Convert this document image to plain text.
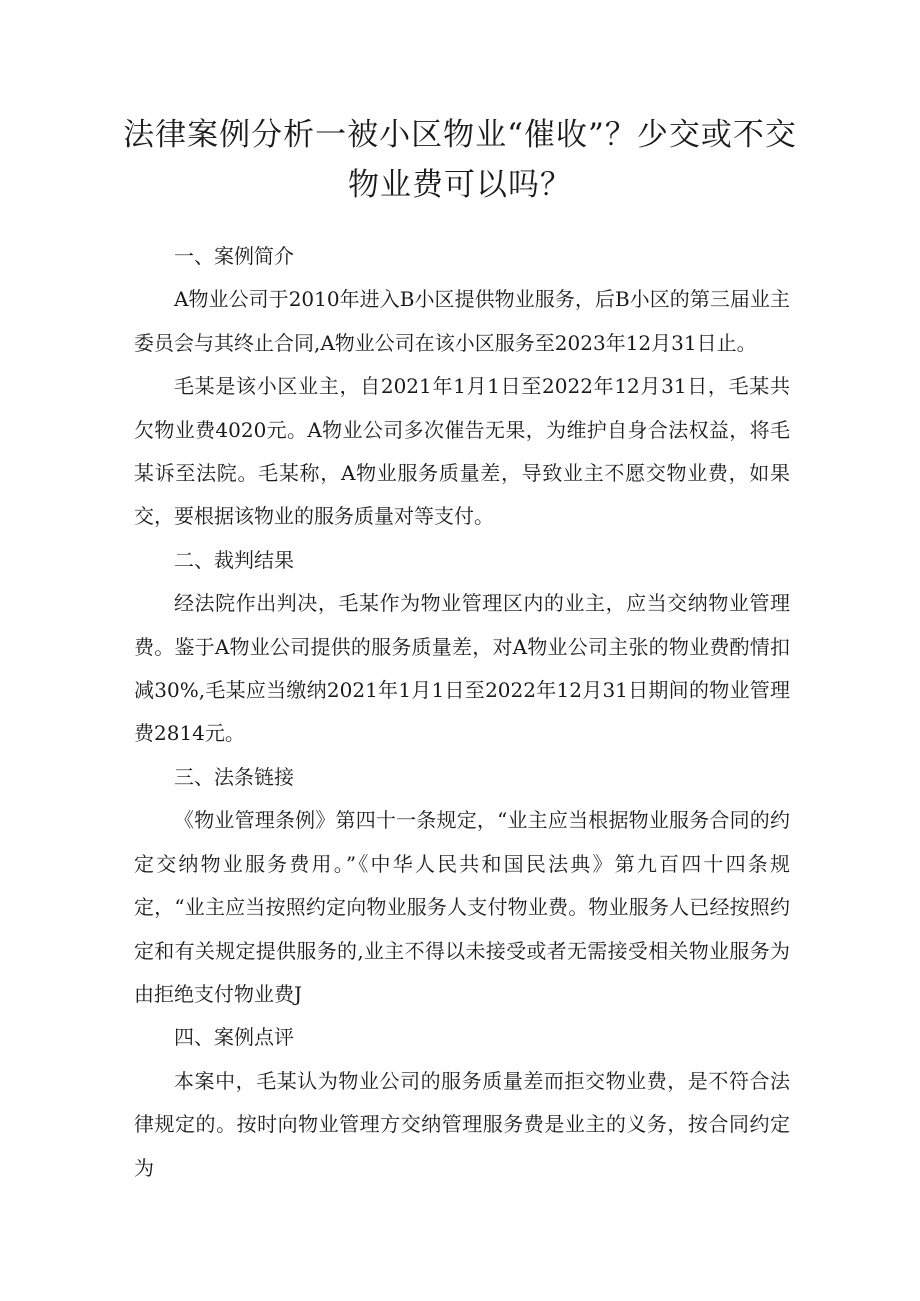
法律案例分析一被小区物业“催收”？少交或不交物业费可以吗？
一、案例简介

A物业公司于2010年进入B小区提供物业服务，后B小区的第三届业主委员会与其终止合同,A物业公司在该小区服务至2023年12月31日止。

毛某是该小区业主，自2021年1月1日至2022年12月31日，毛某共欠物业费4020元。A物业公司多次催告无果，为维护自身合法权益，将毛某诉至法院。毛某称，A物业服务质量差，导致业主不愿交物业费，如果交，要根据该物业的服务质量对等支付。

二、裁判结果

经法院作出判决，毛某作为物业管理区内的业主，应当交纳物业管理费。鉴于A物业公司提供的服务质量差，对A物业公司主张的物业费酌情扣减30%,毛某应当缴纳2021年1月1日至2022年12月31日期间的物业管理费2814元。

三、法条链接

《物业管理条例》第四十一条规定，“业主应当根据物业服务合同的约定交纳物业服务费用。”《中华人民共和国民法典》第九百四十四条规定，“业主应当按照约定向物业服务人支付物业费。物业服务人已经按照约定和有关规定提供服务的,业主不得以未接受或者无需接受相关物业服务为由拒绝支付物业费J

四、案例点评

本案中，毛某认为物业公司的服务质量差而拒交物业费，是不符合法律规定的。按时向物业管理方交纳管理服务费是业主的义务，按合同约定为
